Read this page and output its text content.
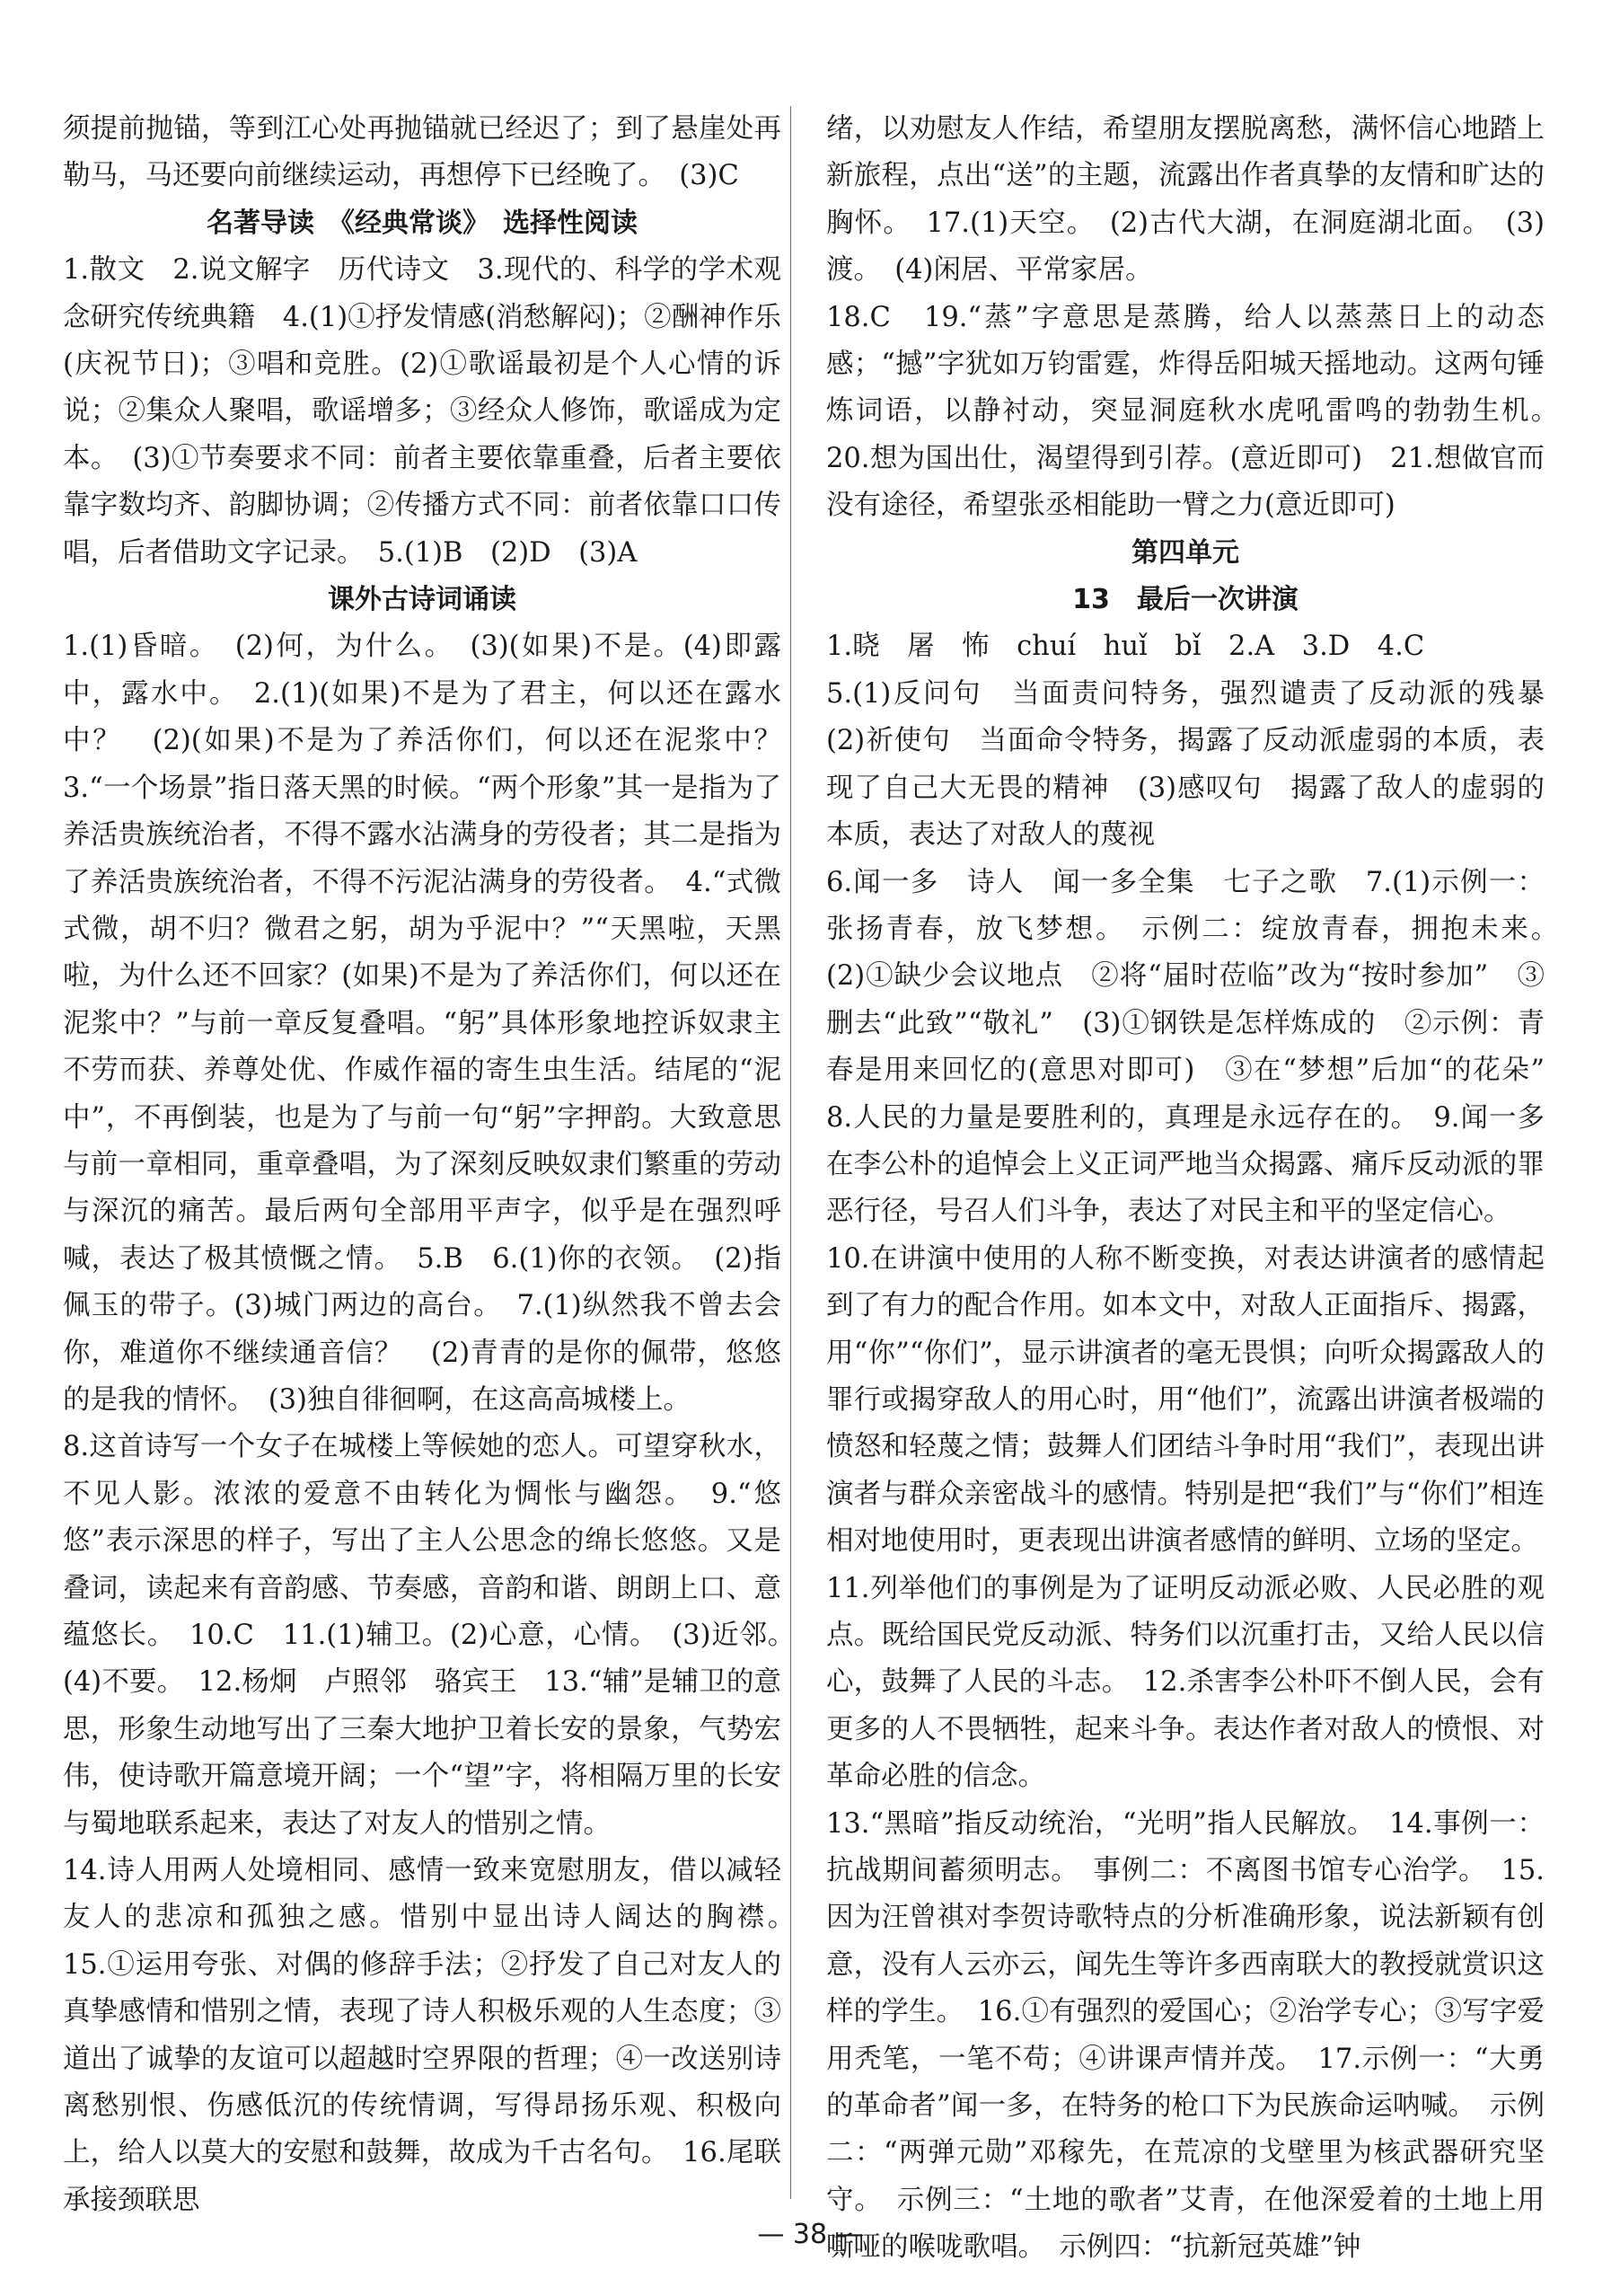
须提前抛锚，等到江心处再抛锚就已经迟了；到了悬崖处再勒马，马还要向前继续运动，再想停下已经晚了。　(3)C

名著导读　《经典常谈》　选择性阅读

1.散文　2.说文解字　历代诗文　3.现代的、科学的学术观念研究传统典籍　4.(1)①抒发情感(消愁解闷)；②酬神作乐(庆祝节日)；③唱和竞胜。(2)①歌谣最初是个人心情的诉说；②集众人聚唱，歌谣增多；③经众人修饰，歌谣成为定本。　(3)①节奏要求不同：前者主要依靠重叠，后者主要依靠字数均齐、韵脚协调；②传播方式不同：前者依靠口口传唱，后者借助文字记录。　5.(1)B　(2)D　(3)A

课外古诗词诵读

1.(1)昏暗。　(2)何，为什么。　(3)(如果)不是。(4)即露中，露水中。　2.(1)(如果)不是为了君主，何以还在露水中？　(2)(如果)不是为了养活你们，何以还在泥浆中？　3.“一个场景”指日落天黑的时候。“两个形象”其一是指为了养活贵族统治者，不得不露水沾满身的劳役者；其二是指为了养活贵族统治者，不得不污泥沾满身的劳役者。　4.“式微式微，胡不归？微君之躬，胡为乎泥中？”“天黑啦，天黑啦，为什么还不回家？(如果)不是为了养活你们，何以还在泥浆中？”与前一章反复叠唱。“躬”具体形象地控诉奴隶主不劳而获、养尊处优、作威作福的寄生虫生活。结尾的“泥中”，不再倒装，也是为了与前一句“躬”字押韵。大致意思与前一章相同，重章叠唱，为了深刻反映奴隶们繁重的劳动与深沉的痛苦。最后两句全部用平声字，似乎是在强烈呼喊，表达了极其愤慨之情。　5.B　6.(1)你的衣领。　(2)指佩玉的带子。(3)城门两边的高台。　7.(1)纵然我不曾去会你，难道你不继续通音信？　(2)青青的是你的佩带，悠悠的是我的情怀。　(3)独自徘徊啊，在这高高城楼上。

8.这首诗写一个女子在城楼上等候她的恋人。可望穿秋水，不见人影。浓浓的爱意不由转化为惆怅与幽怨。　9.“悠悠”表示深思的样子，写出了主人公思念的绵长悠悠。又是叠词，读起来有音韵感、节奏感，音韵和谐、朗朗上口、意蕴悠长。　10.C　11.(1)辅卫。(2)心意，心情。　(3)近邻。　(4)不要。　12.杨炯　卢照邻　骆宾王　13.“辅”是辅卫的意思，形象生动地写出了三秦大地护卫着长安的景象，气势宏伟，使诗歌开篇意境开阔；一个“望”字，将相隔万里的长安与蜀地联系起来，表达了对友人的惜别之情。

14.诗人用两人处境相同、感情一致来宽慰朋友，借以减轻友人的悲凉和孤独之感。惜别中显出诗人阔达的胸襟。　15.①运用夸张、对偶的修辞手法；②抒发了自己对友人的真挚感情和惜别之情，表现了诗人积极乐观的人生态度；③道出了诚挚的友谊可以超越时空界限的哲理；④一改送别诗离愁别恨、伤感低沉的传统情调，写得昂扬乐观、积极向上，给人以莫大的安慰和鼓舞，故成为千古名句。　16.尾联承接颈联思

绪，以劝慰友人作结，希望朋友摆脱离愁，满怀信心地踏上新旅程，点出“送”的主题，流露出作者真挚的友情和旷达的胸怀。　17.(1)天空。　(2)古代大湖，在洞庭湖北面。　(3)渡。　(4)闲居、平常家居。

18.C　19.“蒸”字意思是蒸腾，给人以蒸蒸日上的动态感；“撼”字犹如万钧雷霆，炸得岳阳城天摇地动。这两句锤炼词语，以静衬动，突显洞庭秋水虎吼雷鸣的勃勃生机。　20.想为国出仕，渴望得到引荐。(意近即可)　21.想做官而没有途径，希望张丞相能助一臂之力(意近即可)

第四单元

13　最后一次讲演

1.晓　屠　怖　chuí　huǐ　bǐ　2.A　3.D　4.C

5.(1)反问句　当面责问特务，强烈谴责了反动派的残暴　(2)祈使句　当面命令特务，揭露了反动派虚弱的本质，表现了自己大无畏的精神　(3)感叹句　揭露了敌人的虚弱的本质，表达了对敌人的蔑视

6.闻一多　诗人　闻一多全集　七子之歌　7.(1)示例一：张扬青春，放飞梦想。　示例二：绽放青春，拥抱未来。　(2)①缺少会议地点　②将“届时莅临”改为“按时参加”　③删去“此致”“敬礼”　(3)①钢铁是怎样炼成的　②示例：青春是用来回忆的(意思对即可)　③在“梦想”后加“的花朵”　8.人民的力量是要胜利的，真理是永远存在的。　9.闻一多在李公朴的追悼会上义正词严地当众揭露、痛斥反动派的罪恶行径，号召人们斗争，表达了对民主和平的坚定信心。

10.在讲演中使用的人称不断变换，对表达讲演者的感情起到了有力的配合作用。如本文中，对敌人正面指斥、揭露，用“你”“你们”，显示讲演者的毫无畏惧；向听众揭露敌人的罪行或揭穿敌人的用心时，用“他们”，流露出讲演者极端的愤怒和轻蔑之情；鼓舞人们团结斗争时用“我们”，表现出讲演者与群众亲密战斗的感情。特别是把“我们”与“你们”相连相对地使用时，更表现出讲演者感情的鲜明、立场的坚定。

11.列举他们的事例是为了证明反动派必败、人民必胜的观点。既给国民党反动派、特务们以沉重打击，又给人民以信心，鼓舞了人民的斗志。　12.杀害李公朴吓不倒人民，会有更多的人不畏牺牲，起来斗争。表达作者对敌人的愤恨、对革命必胜的信念。

13.“黑暗”指反动统治，“光明”指人民解放。　14.事例一：抗战期间蓄须明志。　事例二：不离图书馆专心治学。　15.因为汪曾祺对李贺诗歌特点的分析准确形象，说法新颖有创意，没有人云亦云，闻先生等许多西南联大的教授就赏识这样的学生。　16.①有强烈的爱国心；②治学专心；③写字爱用秃笔，一笔不苟；④讲课声情并茂。　17.示例一：“大勇的革命者”闻一多，在特务的枪口下为民族命运呐喊。　示例二：“两弹元勋”邓稼先，在荒凉的戈壁里为核武器研究坚守。　示例三：“土地的歌者”艾青，在他深爱着的土地上用嘶哑的喉咙歌唱。　示例四：“抗新冠英雄”钟

— 38 —
